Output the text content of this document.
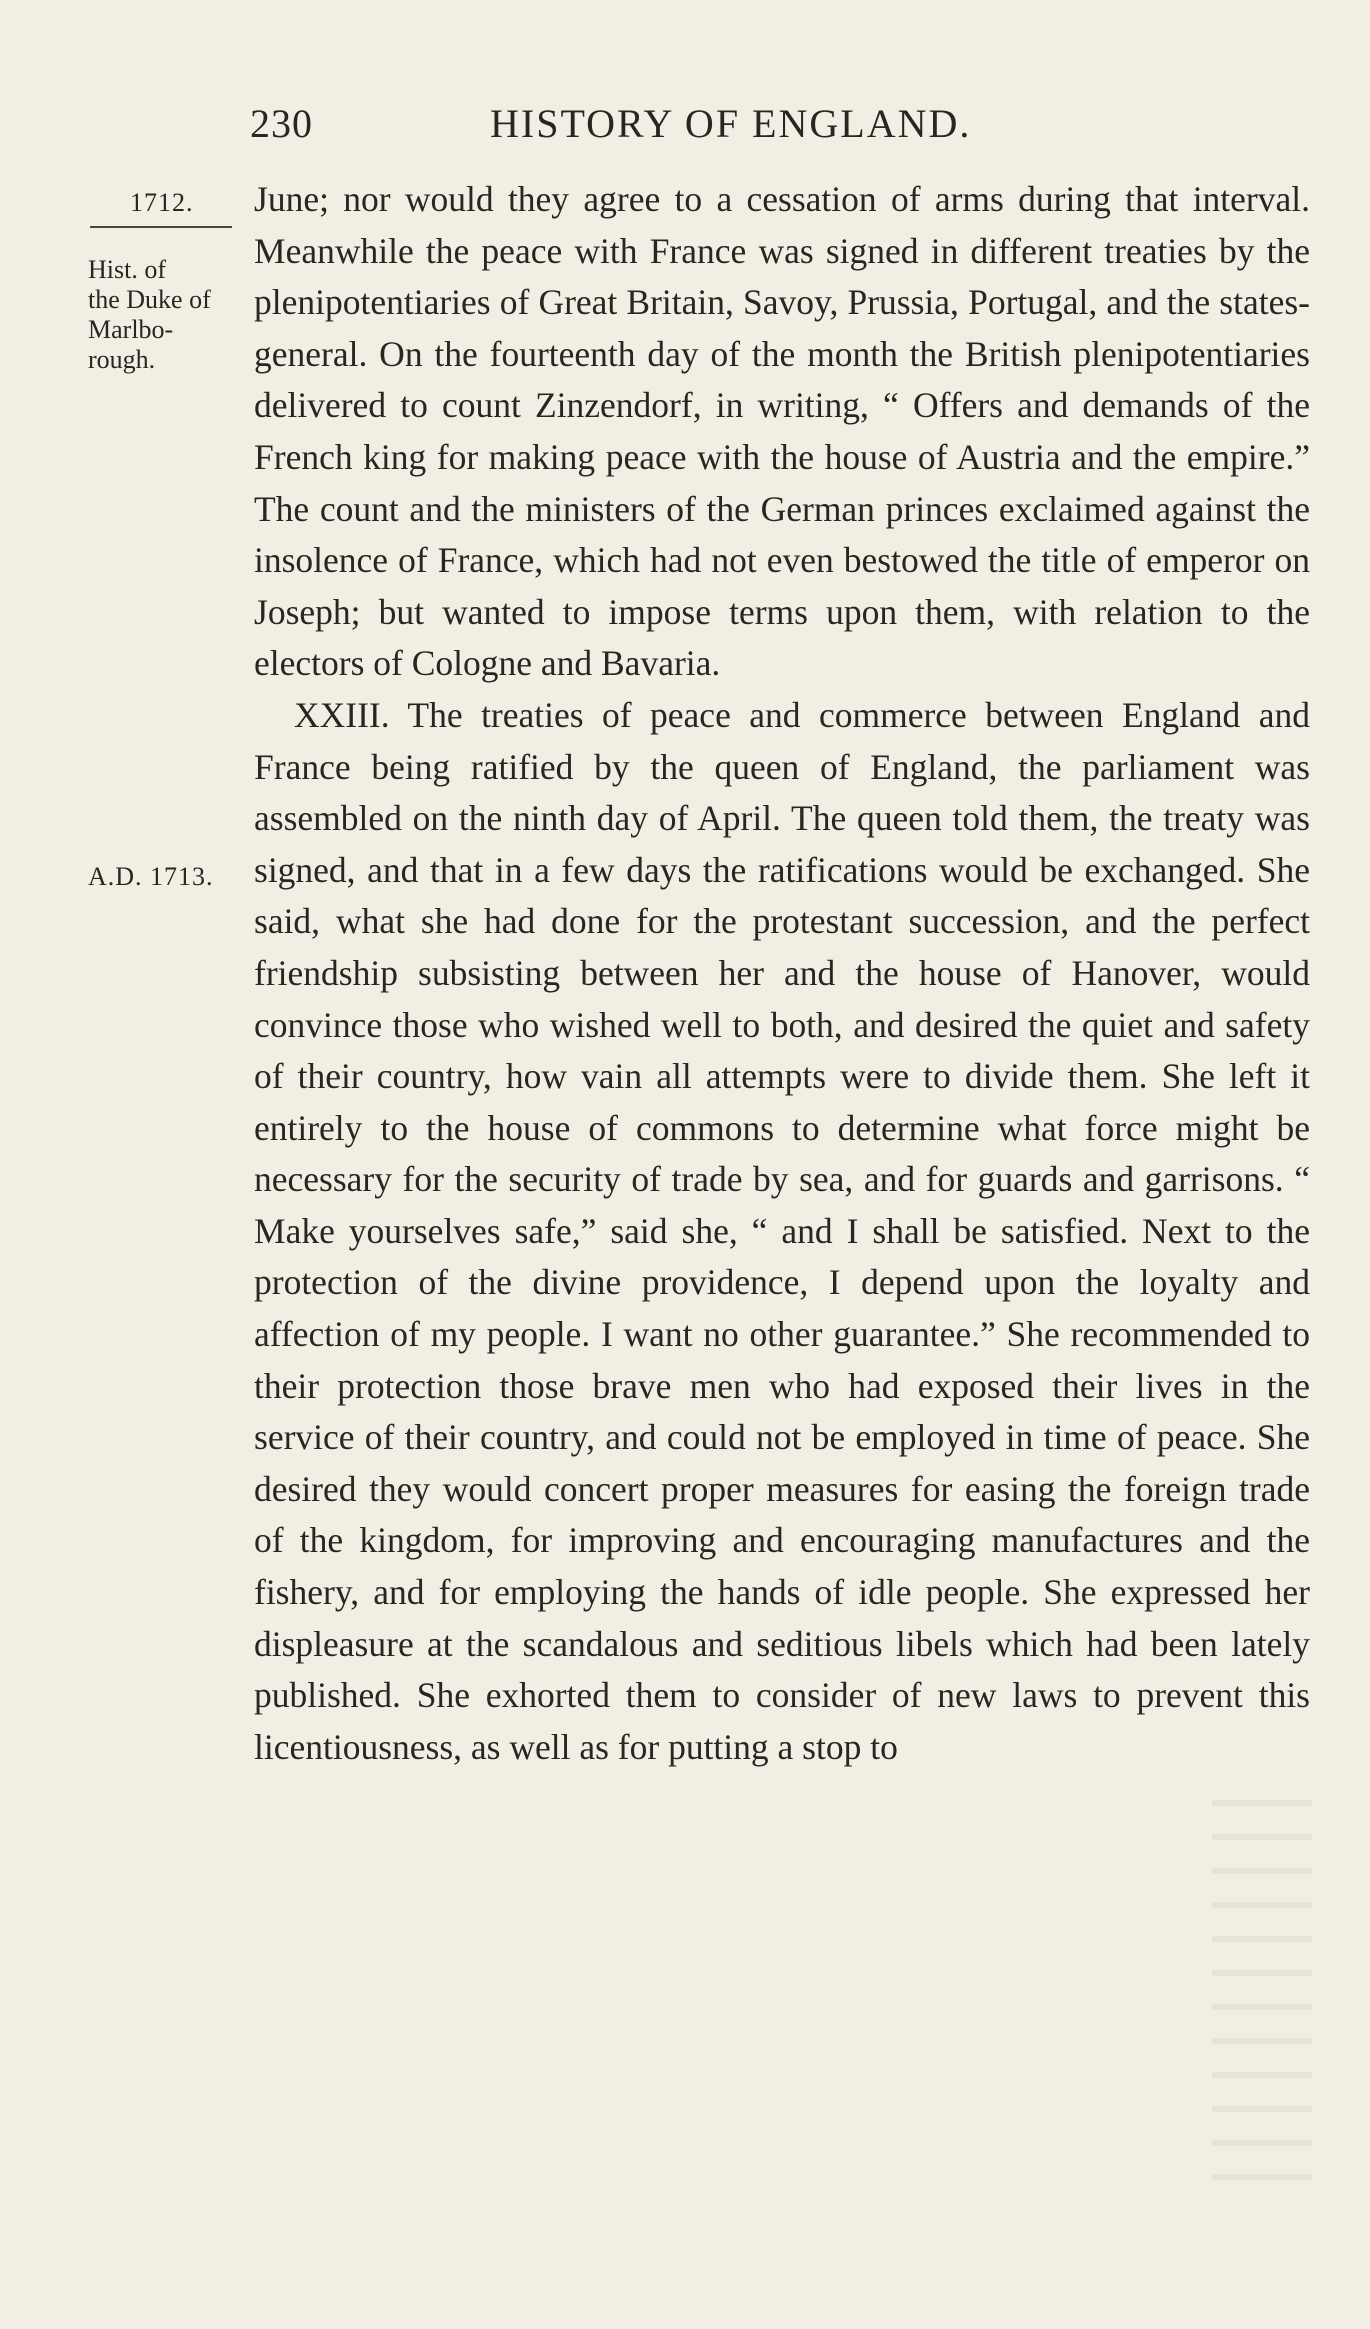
230	HISTORY OF ENGLAND.
1712.
Hist. of
the Duke of
Marlbo-
rough.
A.D. 1713.

June; nor would they agree to a cessation of arms during that interval. Meanwhile the peace with France was signed in different treaties by the plenipotentiaries of Great Britain, Savoy, Prussia, Portugal, and the states-general. On the fourteenth day of the month the British plenipotentiaries delivered to count Zinzendorf, in writing, “ Offers and demands of the French king for making peace with the house of Austria and the empire.” The count and the ministers of the German princes exclaimed against the insolence of France, which had not even bestowed the title of emperor on Joseph; but wanted to impose terms upon them, with relation to the electors of Cologne and Bavaria.

XXIII. The treaties of peace and commerce between England and France being ratified by the queen of England, the parliament was assembled on the ninth day of April. The queen told them, the treaty was signed, and that in a few days the ratifications would be exchanged. She said, what she had done for the protestant succession, and the perfect friendship subsisting between her and the house of Hanover, would convince those who wished well to both, and desired the quiet and safety of their country, how vain all attempts were to divide them. She left it entirely to the house of commons to determine what force might be necessary for the security of trade by sea, and for guards and garrisons. “ Make yourselves safe,” said she, “ and I shall be satisfied. Next to the protection of the divine providence, I depend upon the loyalty and affection of my people. I want no other guarantee.” She recommended to their protection those brave men who had exposed their lives in the service of their country, and could not be employed in time of peace. She desired they would concert proper measures for easing the foreign trade of the kingdom, for improving and encouraging manufactures and the fishery, and for employing the hands of idle people. She expressed her displeasure at the scandalous and seditious libels which had been lately published. She exhorted them to consider of new laws to prevent this licentiousness, as well as for putting a stop to
